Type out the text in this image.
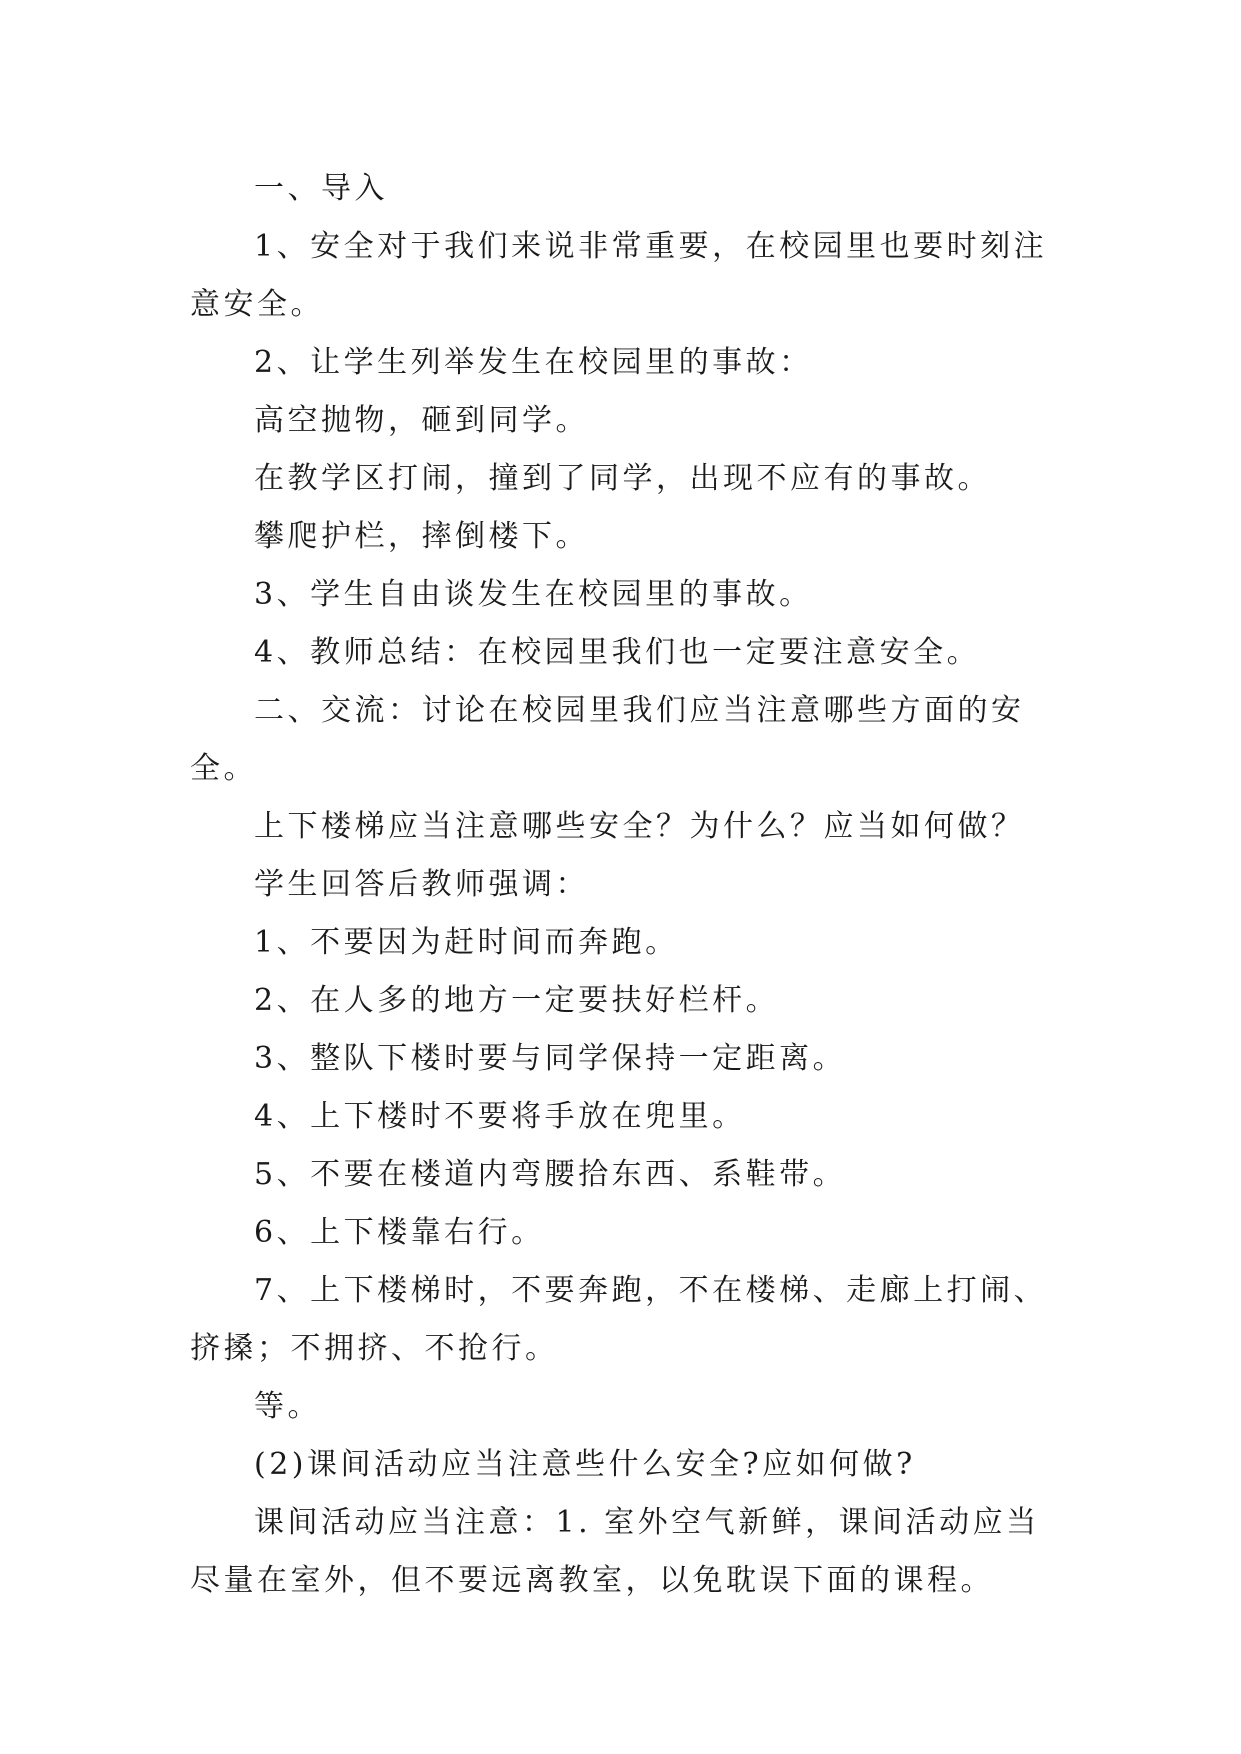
一、导入

1、安全对于我们来说非常重要，在校园里也要时刻注意安全。

2、让学生列举发生在校园里的事故：

高空抛物，砸到同学。

在教学区打闹，撞到了同学，出现不应有的事故。

攀爬护栏，摔倒楼下。

3、学生自由谈发生在校园里的事故。

4、教师总结：在校园里我们也一定要注意安全。

二、交流：讨论在校园里我们应当注意哪些方面的安全。

上下楼梯应当注意哪些安全？为什么？应当如何做？

学生回答后教师强调：

1、不要因为赶时间而奔跑。

2、在人多的地方一定要扶好栏杆。

3、整队下楼时要与同学保持一定距离。

4、上下楼时不要将手放在兜里。

5、不要在楼道内弯腰拾东西、系鞋带。

6、上下楼靠右行。

7、上下楼梯时，不要奔跑，不在楼梯、走廊上打闹、挤搡；不拥挤、不抢行。

等。

(2)课间活动应当注意些什么安全?应如何做?

课间活动应当注意：1. 室外空气新鲜，课间活动应当尽量在室外，但不要远离教室，以免耽误下面的课程。
